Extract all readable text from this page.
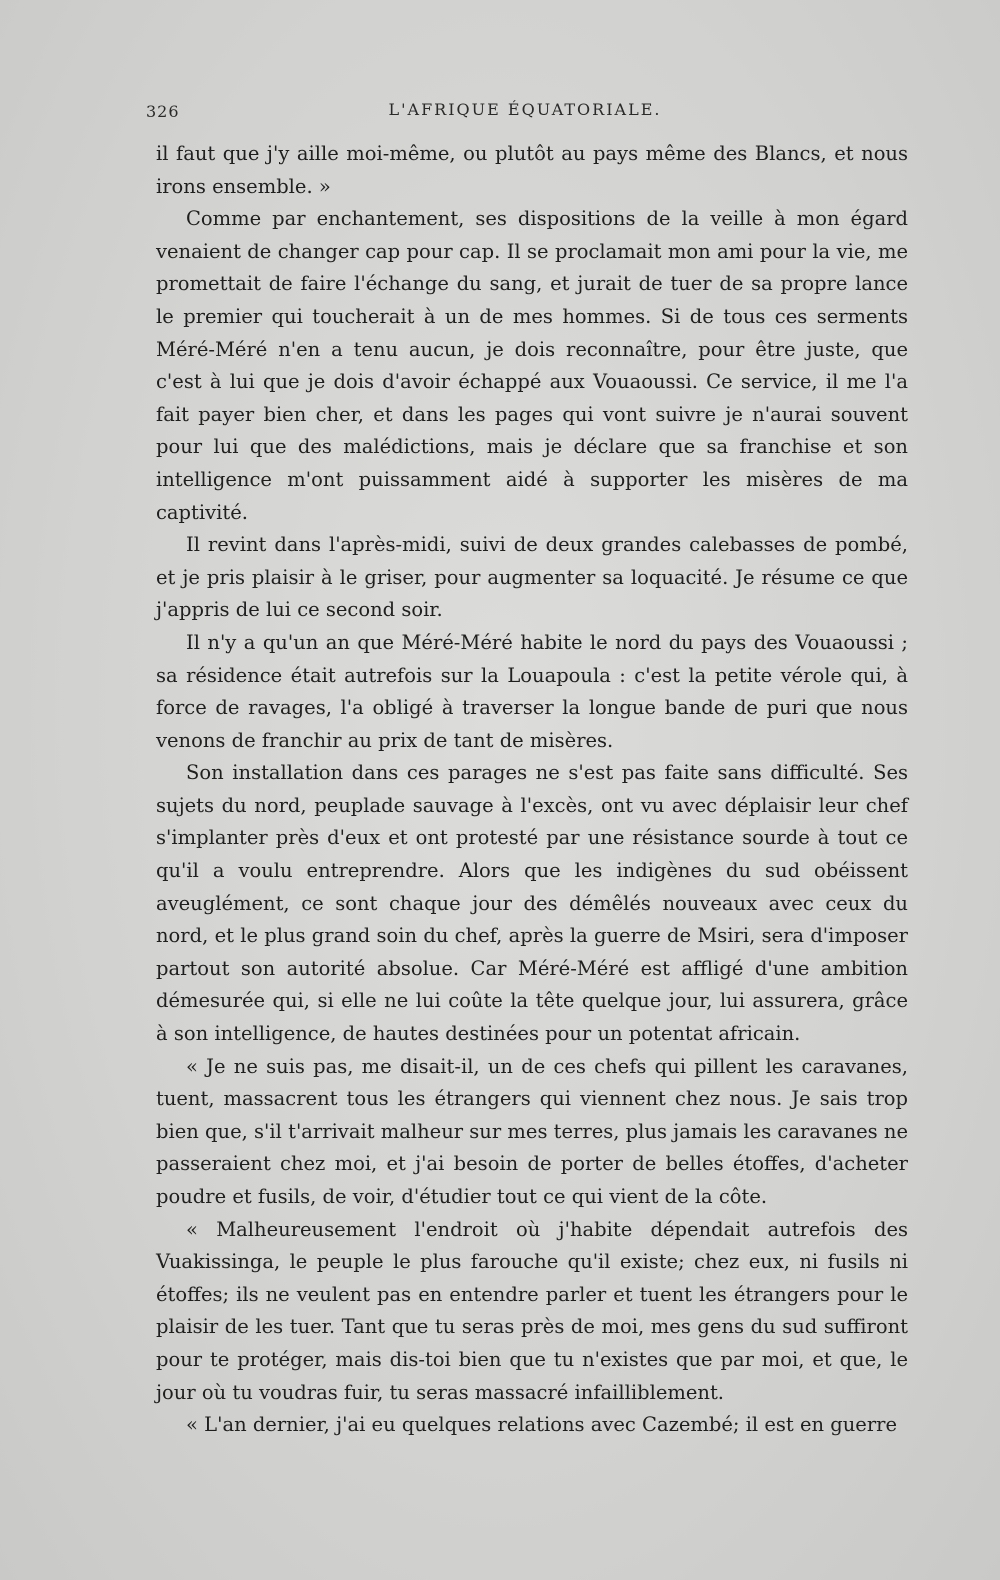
326	L'AFRIQUE ÉQUATORIALE.

il faut que j'y aille moi-même, ou plutôt au pays même des Blancs, et nous irons ensemble. »

Comme par enchantement, ses dispositions de la veille à mon égard venaient de changer cap pour cap. Il se proclamait mon ami pour la vie, me promettait de faire l'échange du sang, et jurait de tuer de sa propre lance le premier qui toucherait à un de mes hommes. Si de tous ces serments Méré-Méré n'en a tenu aucun, je dois reconnaître, pour être juste, que c'est à lui que je dois d'avoir échappé aux Vouaoussi. Ce service, il me l'a fait payer bien cher, et dans les pages qui vont suivre je n'aurai souvent pour lui que des malédictions, mais je déclare que sa franchise et son intelligence m'ont puissamment aidé à supporter les misères de ma captivité.

Il revint dans l'après-midi, suivi de deux grandes calebasses de pombé, et je pris plaisir à le griser, pour augmenter sa loquacité. Je résume ce que j'appris de lui ce second soir.

Il n'y a qu'un an que Méré-Méré habite le nord du pays des Vouaoussi ; sa résidence était autrefois sur la Louapoula : c'est la petite vérole qui, à force de ravages, l'a obligé à traverser la longue bande de puri que nous venons de franchir au prix de tant de misères.

Son installation dans ces parages ne s'est pas faite sans difficulté. Ses sujets du nord, peuplade sauvage à l'excès, ont vu avec déplaisir leur chef s'implanter près d'eux et ont protesté par une résistance sourde à tout ce qu'il a voulu entreprendre. Alors que les indigènes du sud obéissent aveuglément, ce sont chaque jour des démêlés nouveaux avec ceux du nord, et le plus grand soin du chef, après la guerre de Msiri, sera d'imposer partout son autorité absolue. Car Méré-Méré est affligé d'une ambition démesurée qui, si elle ne lui coûte la tête quelque jour, lui assurera, grâce à son intelligence, de hautes destinées pour un potentat africain.

« Je ne suis pas, me disait-il, un de ces chefs qui pillent les caravanes, tuent, massacrent tous les étrangers qui viennent chez nous. Je sais trop bien que, s'il t'arrivait malheur sur mes terres, plus jamais les caravanes ne passeraient chez moi, et j'ai besoin de porter de belles étoffes, d'acheter poudre et fusils, de voir, d'étudier tout ce qui vient de la côte.

« Malheureusement l'endroit où j'habite dépendait autrefois des Vuakissinga, le peuple le plus farouche qu'il existe; chez eux, ni fusils ni étoffes; ils ne veulent pas en entendre parler et tuent les étrangers pour le plaisir de les tuer. Tant que tu seras près de moi, mes gens du sud suffiront pour te protéger, mais dis-toi bien que tu n'existes que par moi, et que, le jour où tu voudras fuir, tu seras massacré infailliblement.

« L'an dernier, j'ai eu quelques relations avec Cazembé; il est en guerre
